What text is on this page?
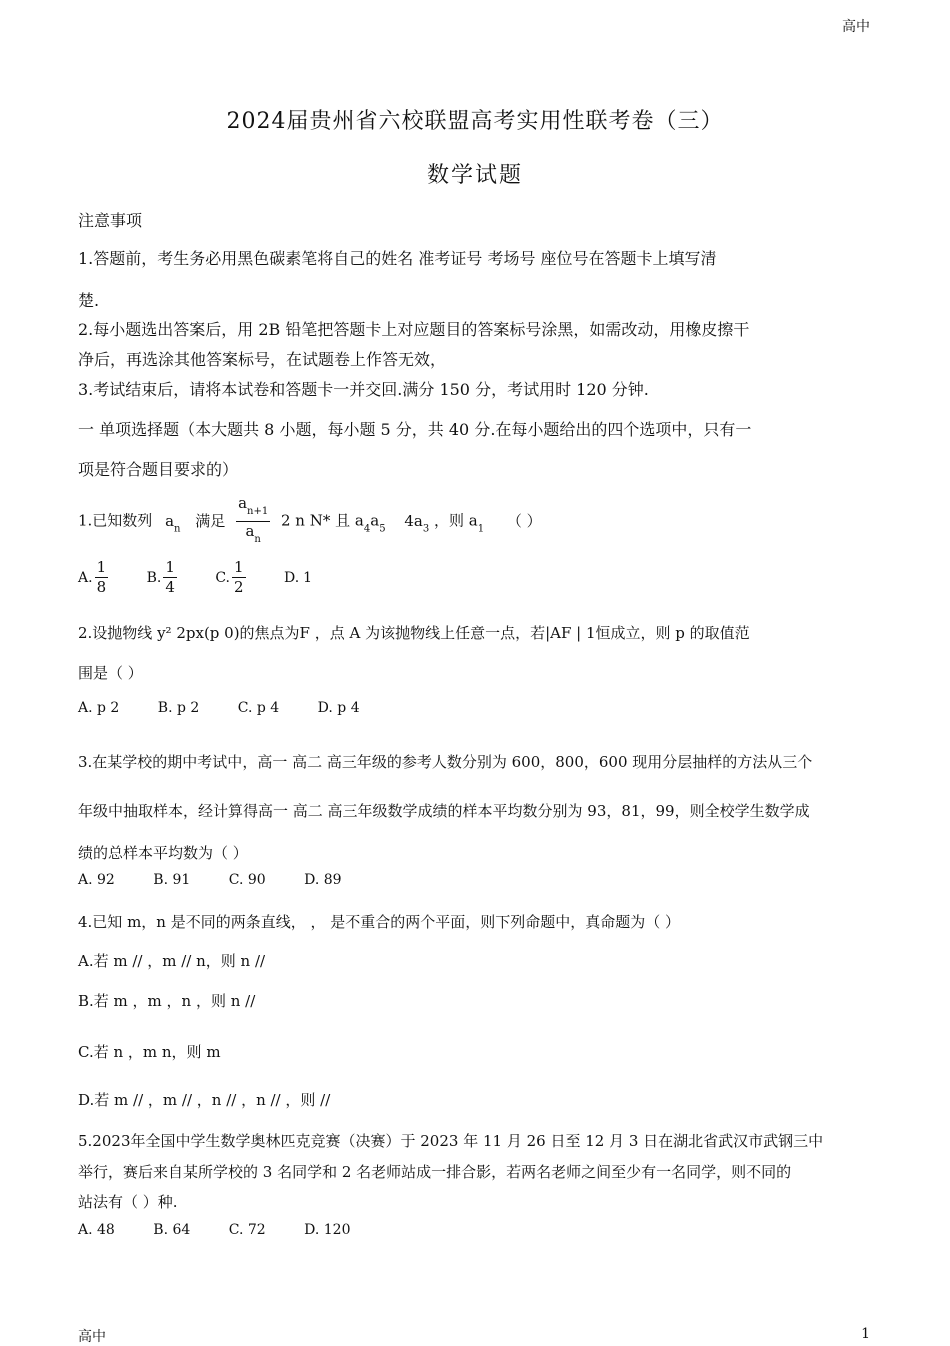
高中
2024届贵州省六校联盟高考实用性联考卷（三）
数学试题
注意事项
1.答题前，考生务必用黑色碳素笔将自己的姓名 准考证号 考场号 座位号在答题卡上填写清
楚.
2.每小题选出答案后，用 2B 铅笔把答题卡上对应题目的答案标号涂黑，如需改动，用橡皮擦干
净后，再选涂其他答案标号，在试题卷上作答无效，
3.考试结束后，请将本试卷和答题卡一并交回.满分 150 分，考试用时 120 分钟.
一 单项选择题（本大题共 8 小题，每小题 5 分，共 40 分.在每小题给出的四个选项中，只有一
项是符合题目要求的）
1.已知数列 $a_n$ 满足 $\frac{a_{n+1}}{a_n} 2$ n N* 且 $a_4a_5$ $4a_3$ ，则 $a_1$ （ ）
A. $\frac{1}{8}$	B. $\frac{1}{4}$	C. $\frac{1}{2}$	D. 1
2.设抛物线 y² 2px(p 0)的焦点为F ，点 A 为该抛物线上任意一点，若|AF | 1恒成立，则 p 的取值范
围是（ ）
A. p 2	B. p 2	C. p 4	D. p 4
3.在某学校的期中考试中，高一 高二 高三年级的参考人数分别为 600，800，600 现用分层抽样的方法从三个
年级中抽取样本，经计算得高一 高二 高三年级数学成绩的样本平均数分别为 93，81，99，则全校学生数学成
绩的总样本平均数为（ ）
A. 92	B. 91	C. 90	D. 89
4.已知 m，n 是不同的两条直线， ， 是不重合的两个平面，则下列命题中，真命题为（ ）
A.若 m // ，m // n，则 n //
B.若 m ，m ，n ，则 n //
C.若 n ，m n，则 m
D.若 m // ，m // ，n // ，n // ，则 //
5.2023年全国中学生数学奥林匹克竞赛（决赛）于 2023 年 11 月 26 日至 12 月 3 日在湖北省武汉市武钢三中
举行，赛后来自某所学校的 3 名同学和 2 名老师站成一排合影，若两名老师之间至少有一名同学，则不同的
站法有（ ）种.
A. 48	B. 64	C. 72	D. 120
高中	1
